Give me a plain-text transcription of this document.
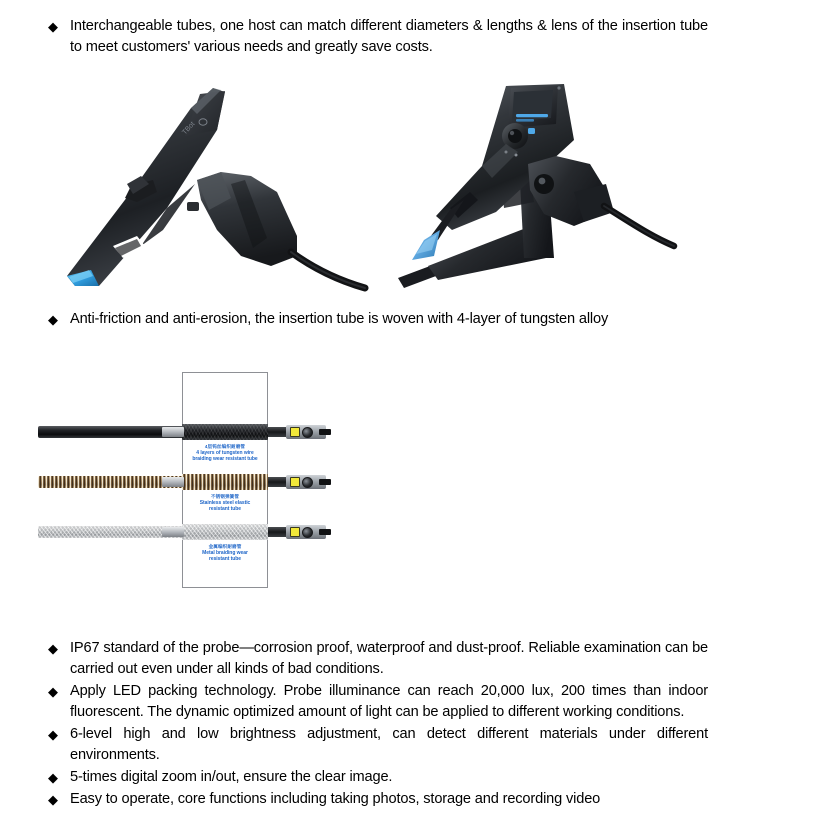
◆ Interchangeable tubes, one host can match different diameters & lengths & lens of the insertion tube to meet customers' various needs and greatly save costs.
TBot
◆ Anti-friction and anti-erosion, the insertion tube is woven with 4-layer of tungsten alloy
4层钨丝编织耐磨管
4 layers of tungsten wire
braiding wear resistant tube
不锈钢弹簧管
Stainless steel elastic
resistant tube
金属编织耐磨管
Metal braiding wear
resistant tube
◆ IP67 standard of the probe—corrosion proof, waterproof and dust-proof. Reliable examination can be carried out even under all kinds of bad conditions.
◆ Apply LED packing technology. Probe illuminance can reach 20,000 lux, 200 times than indoor fluorescent. The dynamic optimized amount of light can be applied to different working conditions.
◆ 6-level high and low brightness adjustment, can detect different materials under different environments.
◆ 5-times digital zoom in/out, ensure the clear image.
◆ Easy to operate, core functions including taking photos, storage and recording video
